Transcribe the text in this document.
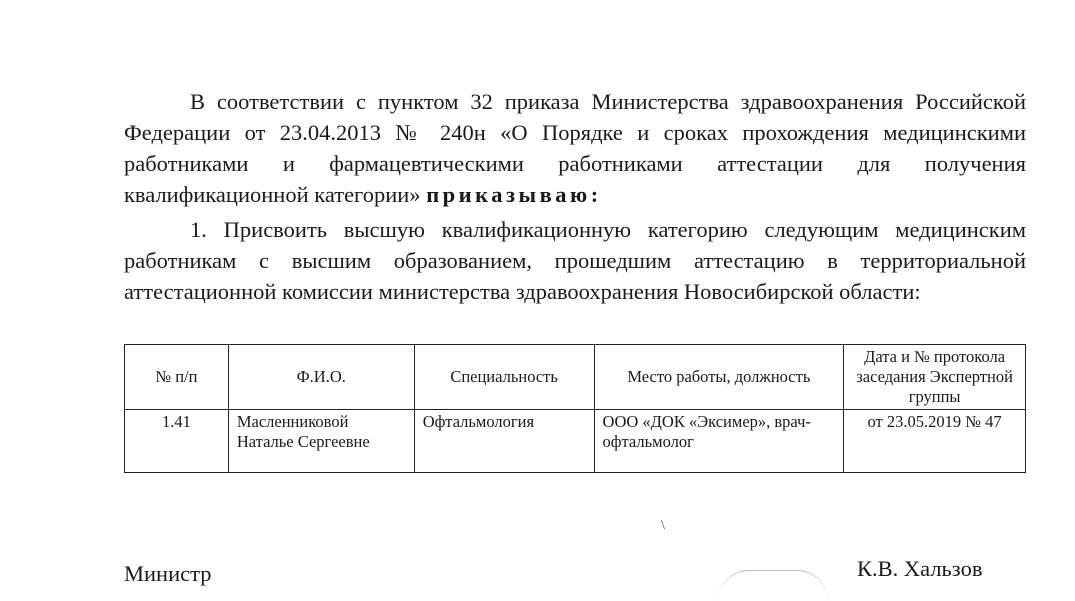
В соответствии с пунктом 32 приказа Министерства здравоохранения Российской Федерации от 23.04.2013 № 240н «О Порядке и сроках прохождения медицинскими работниками и фармацевтическими работниками аттестации для получения квалификационной категории» приказываю:

1. Присвоить высшую квалификационную категорию следующим медицинским работникам с высшим образованием, прошедшим аттестацию в территориальной аттестационной комиссии министерства здравоохранения Новосибирской области:

№ п/п	Ф.И.О.	Специальность	Место работы, должность	Дата и № протокола заседания Экспертной группы
1.41	Масленниковой Наталье Сергеевне	Офтальмология	ООО «ДОК «Эксимер», врач-офтальмолог	от 23.05.2019 № 47
Министр	К.В. Хальзов
\
